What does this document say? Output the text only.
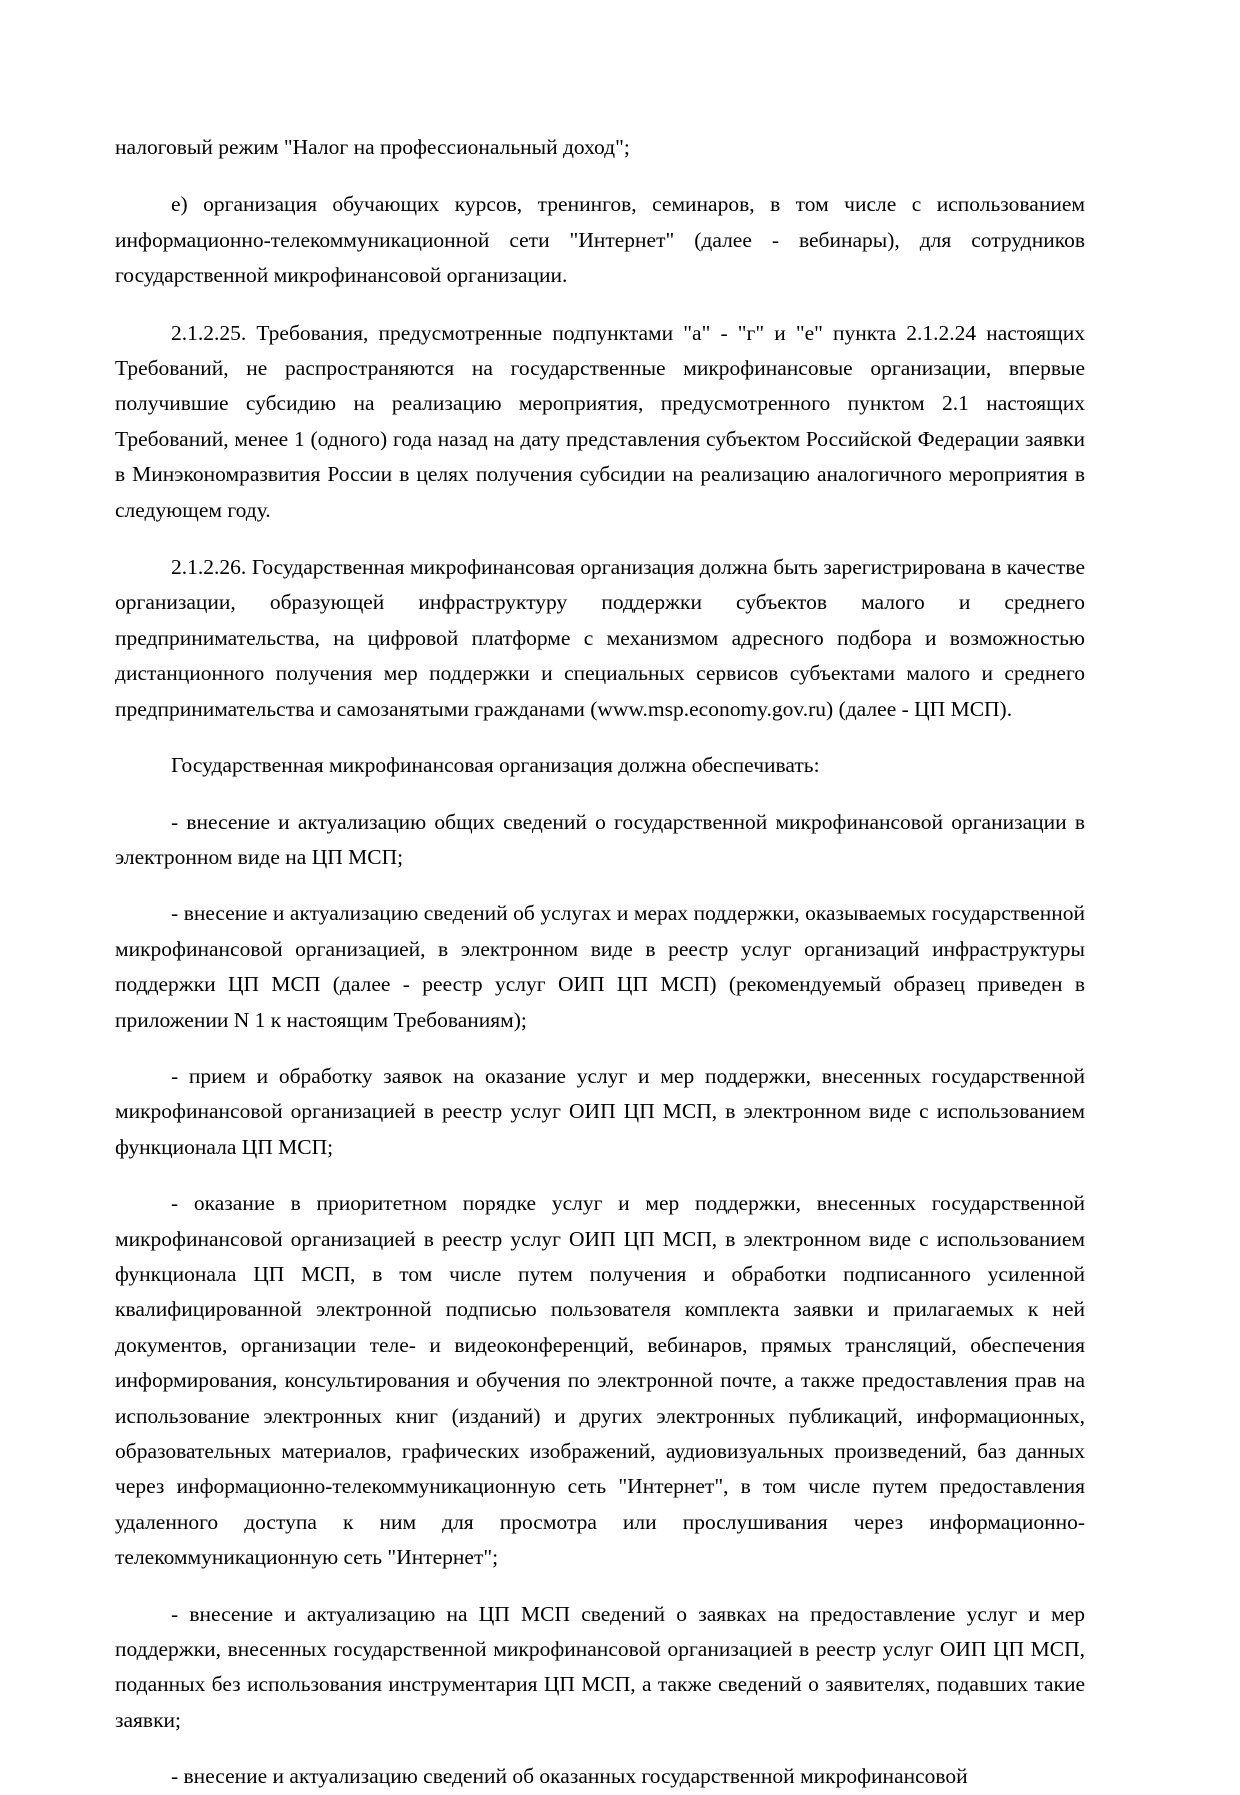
налоговый режим "Налог на профессиональный доход";

е) организация обучающих курсов, тренингов, семинаров, в том числе с использованием информационно-телекоммуникационной сети "Интернет" (далее - вебинары), для сотрудников государственной микрофинансовой организации.

2.1.2.25. Требования, предусмотренные подпунктами "а" - "г" и "е" пункта 2.1.2.24 настоящих Требований, не распространяются на государственные микрофинансовые организации, впервые получившие субсидию на реализацию мероприятия, предусмотренного пунктом 2.1 настоящих Требований, менее 1 (одного) года назад на дату представления субъектом Российской Федерации заявки в Минэкономразвития России в целях получения субсидии на реализацию аналогичного мероприятия в следующем году.

2.1.2.26. Государственная микрофинансовая организация должна быть зарегистрирована в качестве организации, образующей инфраструктуру поддержки субъектов малого и среднего предпринимательства, на цифровой платформе с механизмом адресного подбора и возможностью дистанционного получения мер поддержки и специальных сервисов субъектами малого и среднего предпринимательства и самозанятыми гражданами (www.msp.economy.gov.ru) (далее - ЦП МСП).

Государственная микрофинансовая организация должна обеспечивать:

- внесение и актуализацию общих сведений о государственной микрофинансовой организации в электронном виде на ЦП МСП;

- внесение и актуализацию сведений об услугах и мерах поддержки, оказываемых государственной микрофинансовой организацией, в электронном виде в реестр услуг организаций инфраструктуры поддержки ЦП МСП (далее - реестр услуг ОИП ЦП МСП) (рекомендуемый образец приведен в приложении N 1 к настоящим Требованиям);

- прием и обработку заявок на оказание услуг и мер поддержки, внесенных государственной микрофинансовой организацией в реестр услуг ОИП ЦП МСП, в электронном виде с использованием функционала ЦП МСП;

- оказание в приоритетном порядке услуг и мер поддержки, внесенных государственной микрофинансовой организацией в реестр услуг ОИП ЦП МСП, в электронном виде с использованием функционала ЦП МСП, в том числе путем получения и обработки подписанного усиленной квалифицированной электронной подписью пользователя комплекта заявки и прилагаемых к ней документов, организации теле- и видеоконференций, вебинаров, прямых трансляций, обеспечения информирования, консультирования и обучения по электронной почте, а также предоставления прав на использование электронных книг (изданий) и других электронных публикаций, информационных, образовательных материалов, графических изображений, аудиовизуальных произведений, баз данных через информационно-телекоммуникационную сеть "Интернет", в том числе путем предоставления удаленного доступа к ним для просмотра или прослушивания через информационно-телекоммуникационную сеть "Интернет";

- внесение и актуализацию на ЦП МСП сведений о заявках на предоставление услуг и мер поддержки, внесенных государственной микрофинансовой организацией в реестр услуг ОИП ЦП МСП, поданных без использования инструментария ЦП МСП, а также сведений о заявителях, подавших такие заявки;

- внесение и актуализацию сведений об оказанных государственной микрофинансовой
